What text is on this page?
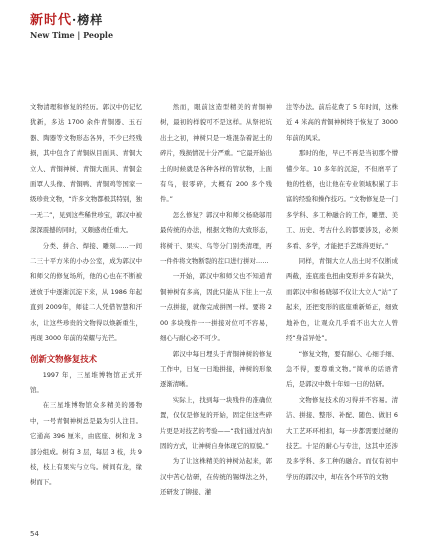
新时代·榜样
New Time | People

文物清理和修复的经历。郭汉中仍记忆犹新，多达 1700 余件青铜器、玉石器、陶器等文物形态各异，不少已经残损，其中包含了青铜纵目面具、青铜大立人、青铜神树、青铜大面具、青铜金面罩人头像、青铜鸭、青铜鸡等国家一级珍贵文物，“许多文物都极其特别，独一无二”，见到这些稀世珍宝，郭汉中被深深震撼的同时，又颇感责任重大。

分类、拼合、焊接、雕刻……一间二三十平方米的小办公室，成为郭汉中和师父的修复场所，他的心也在不断被迸放于中逐渐沉淀下来，从 1986 年起直到 2009年，师徒二人凭借智慧和汗水，让这些珍贵的文物得以焕新重生，再现 3000 年前的荣耀与光芒。

创新文物修复技术

1997 年，三星堆博物馆正式开馆。

在三星堆博物馆众多精美的器物中，一号青铜神树总是最为引人注目。它通高 396 厘米，由底座、树和龙 3 部分组成。树有 3 层，每层 3 枝，共 9 枝，枝上有果实与立鸟。树间有龙，缘树而下。

然而，眼前这造型精美的青铜神树，最初的样貌可不是这样。从祭祀坑出土之初，神树只是一堆混杂着泥土的碎片，残损情况十分严重。“它最开始出土的时候就是各种各样的管状物，上面有鸟，很零碎，大概有 200 多个残件。”

怎么修复？郭汉中和师父杨晓邬用最传统的办法，根据文物的大致形态，将树干、果实、鸟等分门别类清理，再一件件将文物断裂的茬口进行拼对……

一开始，郭汉中和师父也不知道青铜神树有多高，因此只能从下往上一点一点拼接，就像完成拼图一样。要将 200 多块残件一一拼接对位可不容易，细心与耐心必不可少。

郭汉中每日埋头于青铜神树的修复工作中，日复一日地拼接，神树的形象逐渐清晰。

实际上，找到每一块残件的准确位置，仅仅是修复的开始，固定住这些碎片更是对技艺的考验——“我们通过内加固的方式，让神树自身体现它的原貌。”

为了让这株精美的神树站起来，郭汉中苦心钻研，在传统的锡焊法之外，还研发了铆接、灌

注等办法。前后花费了 5 年时间，这株近 4 米高的青铜神树终于恢复了 3000 年前的风采。

那时的他，早已不再是当初那个懵懂少年。10 多年的沉淀，不但磨平了他的性格，也让他在专业领域积累了丰富的经验和操作技巧。“文物修复是一门多学科、多工种融合的工作，雕塑、美工、历史、考古什么的都要涉及，必须多看、多学，才能把手艺练得更好。”

同样，青铜大立人出土时不仅断成两截，连底座也扭曲变形并多有缺失，而郭汉中和杨晓邬不仅让大立人“站”了起来，还把变形的底座重新矫正，细致地补色，让观众几乎看不出大立人曾经“身首异处”。

“修复文物，要有耐心、心细手细、急不得，要尊重文物。”简单的话语背后，是郭汉中数十年如一日的钻研。

文物修复技术的习得并不容易。清洁、拼接、整形、补配、随色、做旧 6 大工艺环环相扣，每一步都需要过硬的技艺。十足的耐心与专注，这其中还涉及多学科、多工种的融合。而仅有初中学历的郭汉中，却在各个环节的文物

54
